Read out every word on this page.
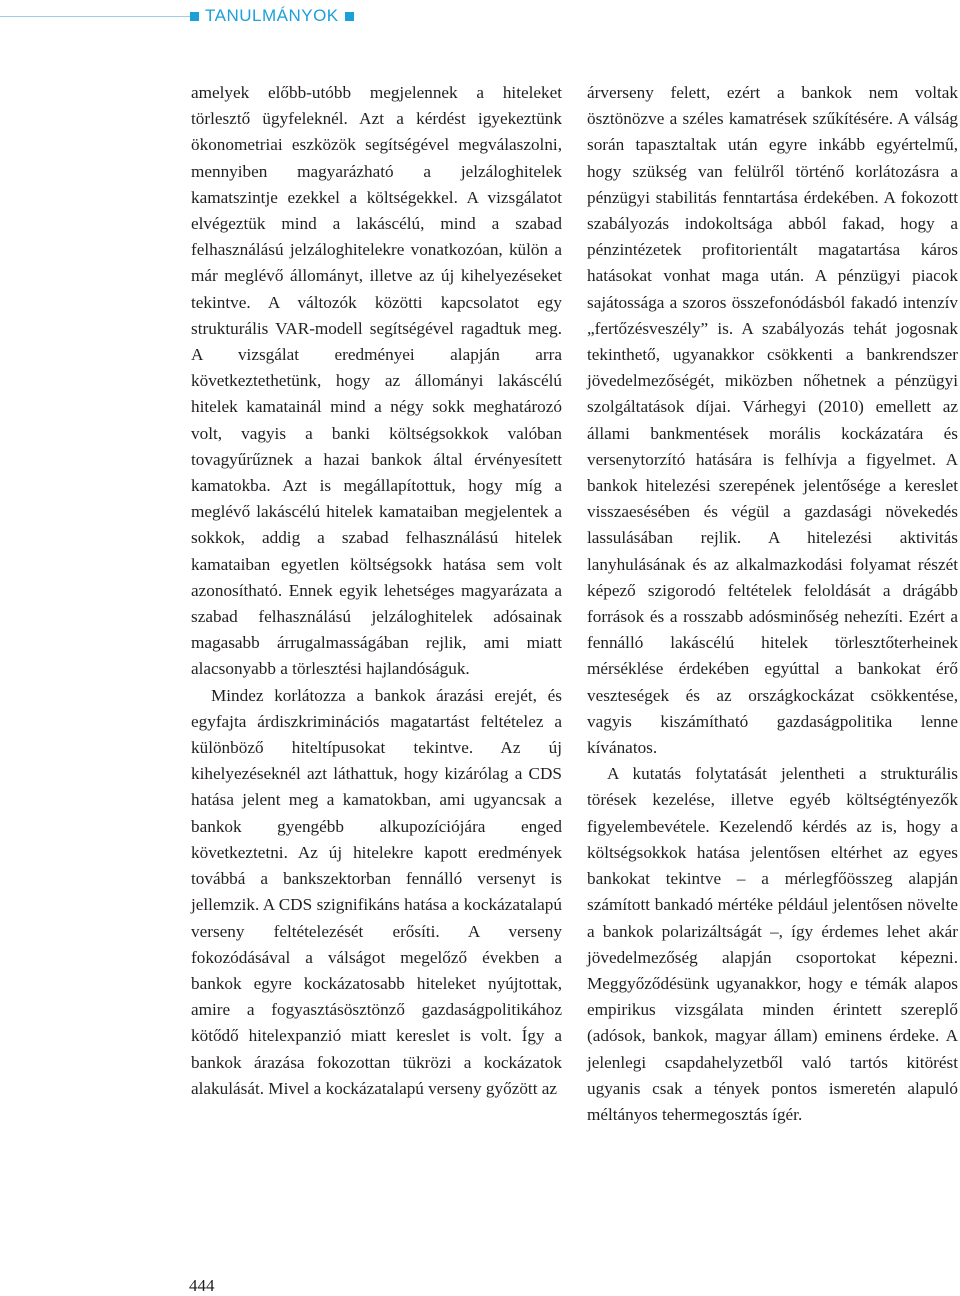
TANULMÁNYOK

amelyek előbb-utóbb megjelennek a hiteleket törlesztő ügyfeleknél. Azt a kérdést igyekeztünk ökonometriai eszközök segítségével megválaszolni, mennyiben magyarázható a jelzáloghitelek kamatszintje ezekkel a költségekkel. A vizsgálatot elvégeztük mind a lakáscélú, mind a szabad felhasználású jelzáloghitelekre vonatkozóan, külön a már meglévő állományt, illetve az új kihelyezéseket tekintve. A változók közötti kapcsolatot egy strukturális VAR-modell segítségével ragadtuk meg. A vizsgálat eredményei alapján arra következtethetünk, hogy az állományi lakáscélú hitelek kamatainál mind a négy sokk meghatározó volt, vagyis a banki költségsokkok valóban tovagyűrűznek a hazai bankok által érvényesített kamatokba. Azt is megállapítottuk, hogy míg a meglévő lakáscélú hitelek kamataiban megjelentek a sokkok, addig a szabad felhasználású hitelek kamataiban egyetlen költségsokk hatása sem volt azonosítható. Ennek egyik lehetséges magyarázata a szabad felhasználású jelzáloghitelek adósainak magasabb árrugalmasságában rejlik, ami miatt alacsonyabb a törlesztési hajlandóságuk.

Mindez korlátozza a bankok árazási erejét, és egyfajta árdiszkriminációs magatartást feltételez a különböző hiteltípusokat tekintve. Az új kihelyezéseknél azt láthattuk, hogy kizárólag a CDS hatása jelent meg a kamatokban, ami ugyancsak a bankok gyengébb alkupozíciójára enged következtetni. Az új hitelekre kapott eredmények továbbá a bankszektorban fennálló versenyt is jellemzik. A CDS szignifikáns hatása a kockázatalapú verseny feltételezését erősíti. A verseny fokozódásával a válságot megelőző években a bankok egyre kockázatosabb hiteleket nyújtottak, amire a fogyasztásösztönző gazdaságpolitikához kötődő hitelexpanzió miatt kereslet is volt. Így a bankok árazása fokozottan tükrözi a kockázatok alakulását. Mivel a kockázatalapú verseny győzött az

árverseny felett, ezért a bankok nem voltak ösztönözve a széles kamatrések szűkítésére. A válság során tapasztaltak után egyre inkább egyértelmű, hogy szükség van felülről történő korlátozásra a pénzügyi stabilitás fenntartása érdekében. A fokozott szabályozás indokoltsága abból fakad, hogy a pénzintézetek profitorientált magatartása káros hatásokat vonhat maga után. A pénzügyi piacok sajátossága a szoros összefonódásból fakadó intenzív „fertőzésveszély” is. A szabályozás tehát jogosnak tekinthető, ugyanakkor csökkenti a bankrendszer jövedelmezőségét, miközben nőhetnek a pénzügyi szolgáltatások díjai. Várhegyi (2010) emellett az állami bankmentések morális kockázatára és versenytorzító hatására is felhívja a figyelmet. A bankok hitelezési szerepének jelentősége a kereslet visszaesésében és végül a gazdasági növekedés lassulásában rejlik. A hitelezési aktivitás lanyhulásának és az alkalmazkodási folyamat részét képező szigorodó feltételek feloldását a drágább források és a rosszabb adósminőség nehezíti. Ezért a fennálló lakáscélú hitelek törlesztőterheinek mérséklése érdekében egyúttal a bankokat érő veszteségek és az országkockázat csökkentése, vagyis kiszámítható gazdaságpolitika lenne kívánatos.

A kutatás folytatását jelentheti a strukturális törések kezelése, illetve egyéb költségtényezők figyelembevétele. Kezelendő kérdés az is, hogy a költségsokkok hatása jelentősen eltérhet az egyes bankokat tekintve – a mérlegfőösszeg alapján számított bankadó mértéke például jelentősen növelte a bankok polarizáltságát –, így érdemes lehet akár jövedelmezőség alapján csoportokat képezni. Meggyőződésünk ugyanakkor, hogy e témák alapos empirikus vizsgálata minden érintett szereplő (adósok, bankok, magyar állam) eminens érdeke. A jelenlegi csapdahelyzetből való tartós kitörést ugyanis csak a tények pontos ismeretén alapuló méltányos tehermegosztás ígér.

444
